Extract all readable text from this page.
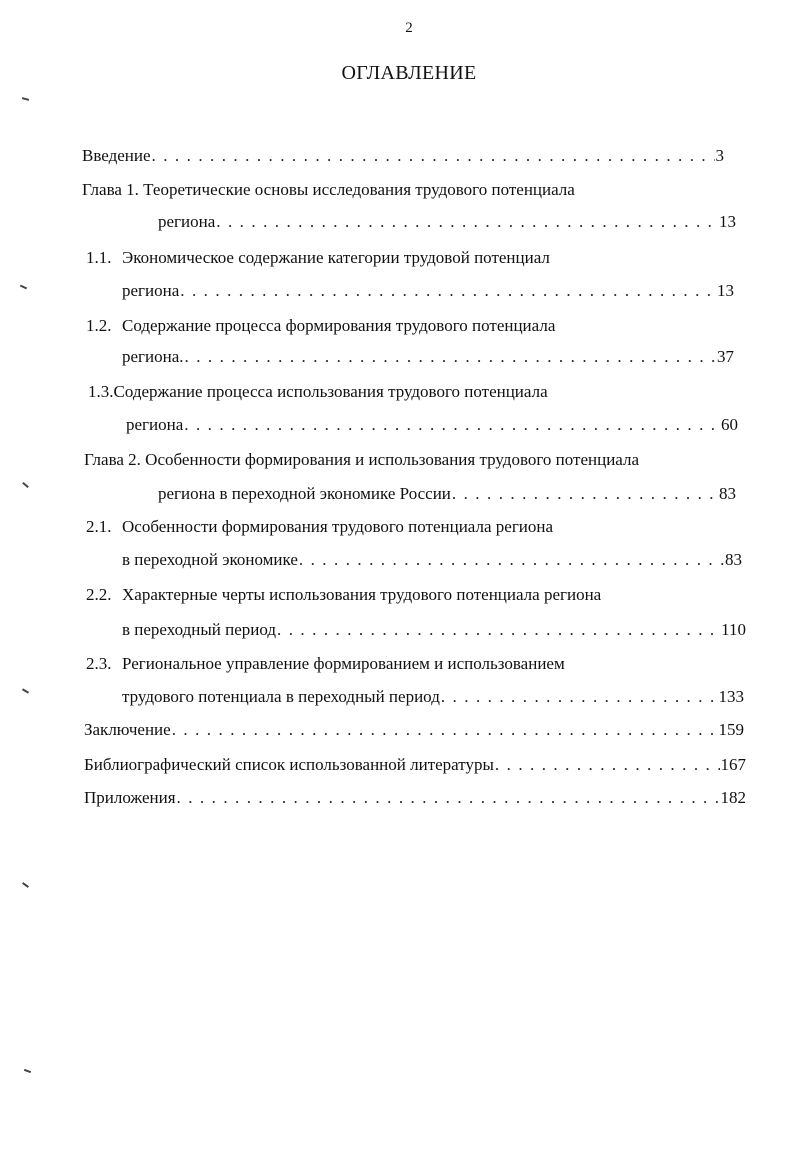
2
ОГЛАВЛЕНИЕ
Введение . . .	3
Глава 1. Теоретические основы исследования трудового потенциала
региона . . .	13
1.1. Экономическое содержание категории трудовой потенциал
региона . . .	13
1.2. Содержание процесса формирования трудового потенциала
региона. . . .	37
1.3. Содержание процесса использования трудового потенциала
региона . . .	60
Глава 2. Особенности формирования и использования трудового потенциала
региона в переходной экономике России . . .	83
2.1. Особенности формирования трудового потенциала региона
в переходной экономике . . .	83
2.2. Характерные черты использования трудового потенциала региона
в переходный период . . .	110
2.3. Региональное управление формированием и использованием
трудового потенциала в переходный период . . .	133
Заключение . . .	159
Библиографический список использованной литературы . . .	167
Приложения . . .	182
